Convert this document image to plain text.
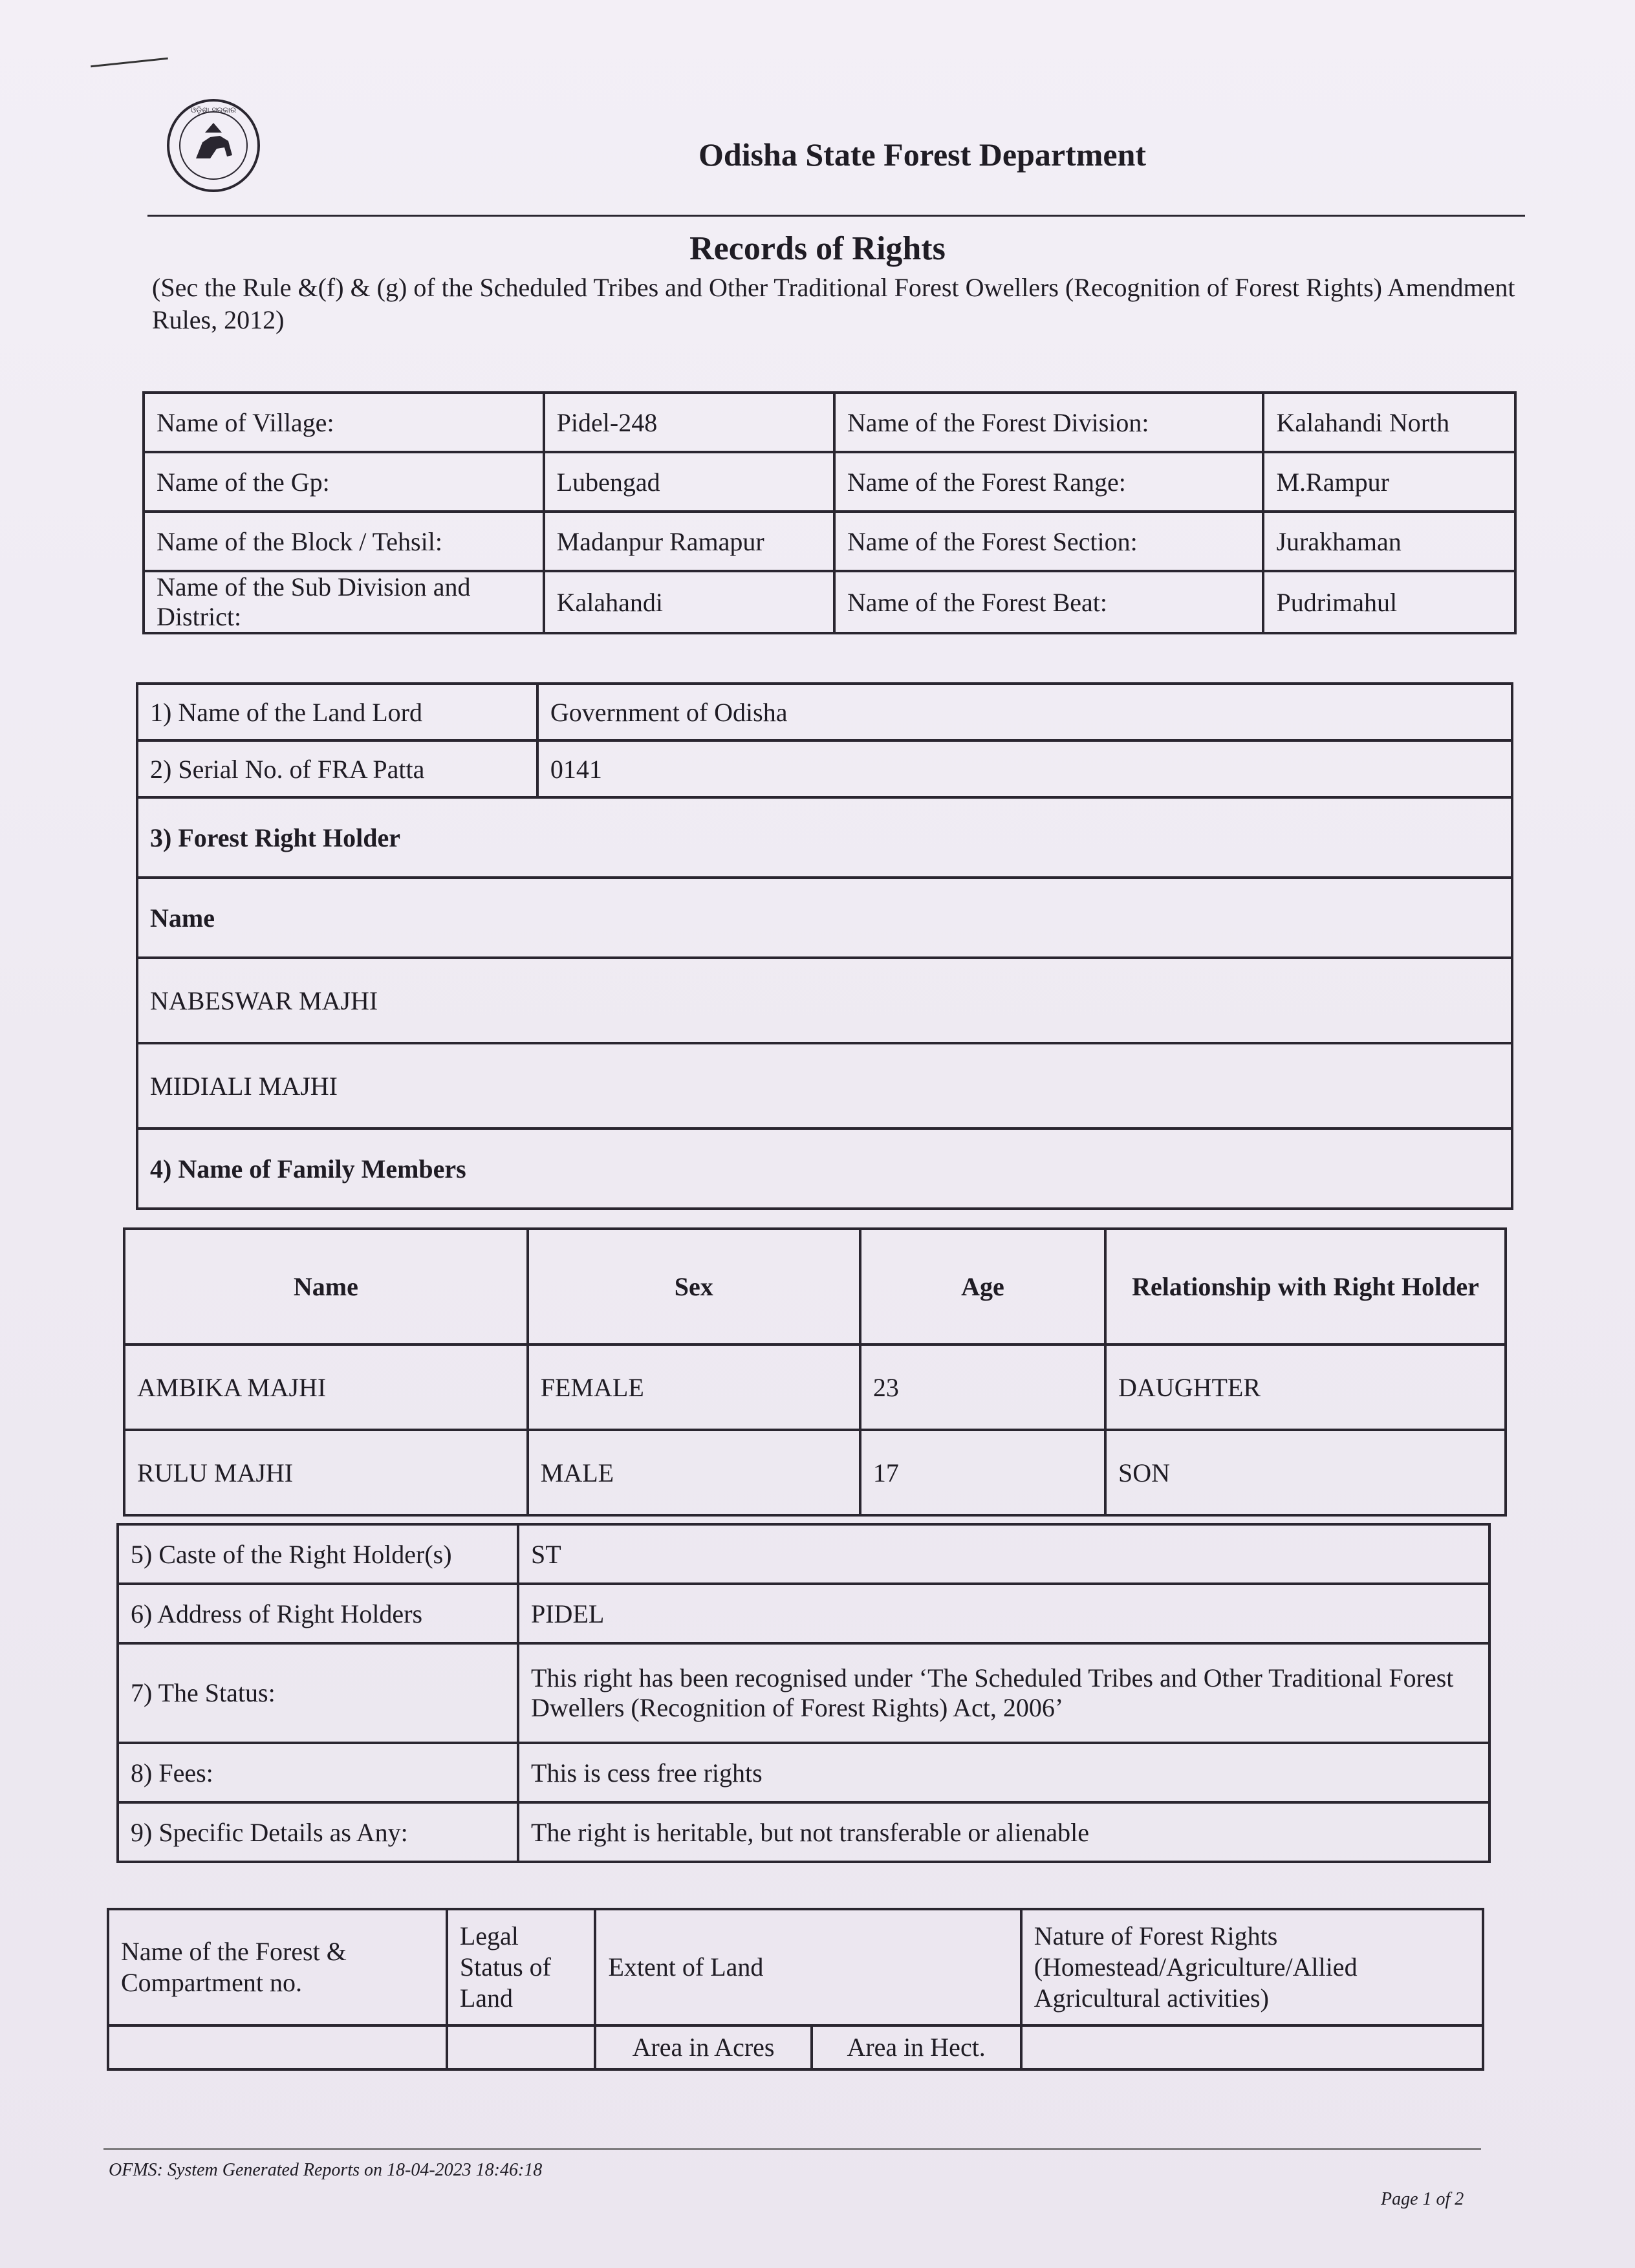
ଓଡ଼ିଶା ସରକାର
Odisha State Forest Department
Records of Rights
(Sec the Rule &(f) & (g) of the Scheduled Tribes and Other Traditional Forest Owellers (Recognition of Forest Rights) Amendment Rules, 2012)
Name of Village:	Pidel-248	Name of the Forest Division:	Kalahandi North
Name of the Gp:	Lubengad	Name of the Forest Range:	M.Rampur
Name of the Block / Tehsil:	Madanpur Ramapur	Name of the Forest Section:	Jurakhaman
Name of the Sub Division and District:	Kalahandi	Name of the Forest Beat:	Pudrimahul
1) Name of the Land Lord	Government of Odisha
2) Serial No. of FRA Patta	0141
3) Forest Right Holder	
Name	
NABESWAR MAJHI	
MIDIALI MAJHI	
4) Name of Family Members	
Name	Sex	Age	Relationship with Right Holder
AMBIKA MAJHI	FEMALE	23	DAUGHTER
RULU MAJHI	MALE	17	SON
5) Caste of the Right Holder(s)	ST
6) Address of Right Holders	PIDEL
7) The Status:	This right has been recognised under ‘The Scheduled Tribes and Other Traditional Forest Dwellers (Recognition of Forest Rights) Act, 2006’
8) Fees:	This is cess free rights
9) Specific Details as Any:	The right is heritable, but not transferable or alienable
Name of the Forest & Compartment no.	Legal Status of Land	Extent of Land		Nature of Forest Rights (Homestead/Agriculture/Allied Agricultural activities)
		Area in Acres	Area in Hect.	
OFMS: System Generated Reports on 18-04-2023 18:46:18
Page 1 of 2
